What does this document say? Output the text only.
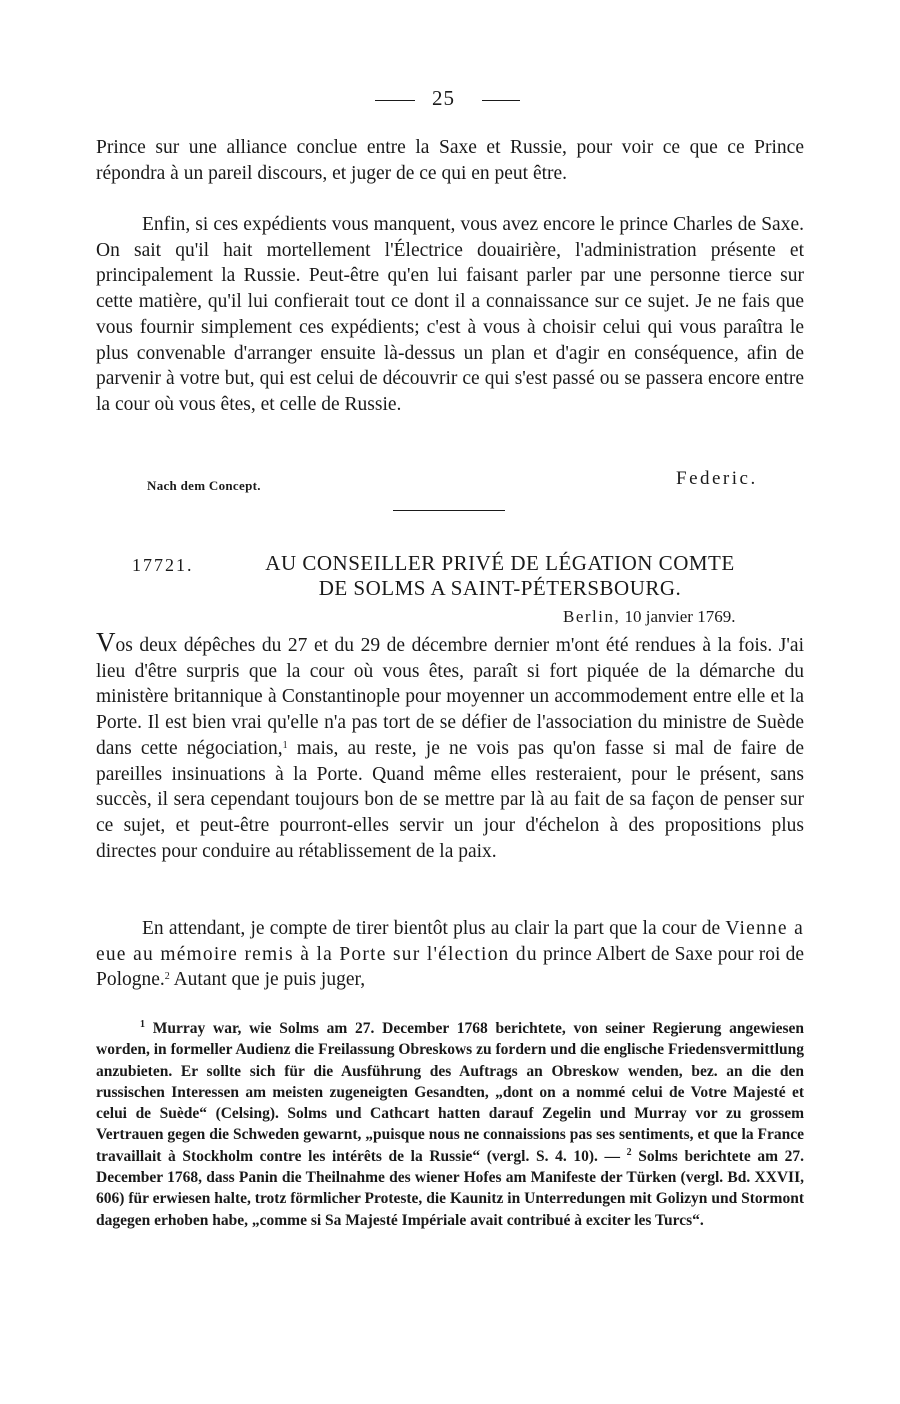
25

Prince sur une alliance conclue entre la Saxe et Russie, pour voir ce que ce Prince répondra à un pareil discours, et juger de ce qui en peut être.

Enfin, si ces expédients vous manquent, vous avez encore le prince Charles de Saxe. On sait qu'il hait mortellement l'Électrice douairière, l'administration présente et principalement la Russie. Peut-être qu'en lui faisant parler par une personne tierce sur cette matière, qu'il lui confierait tout ce dont il a connaissance sur ce sujet. Je ne fais que vous fournir simplement ces expédients; c'est à vous à choisir celui qui vous paraîtra le plus convenable d'arranger ensuite là-dessus un plan et d'agir en conséquence, afin de parvenir à votre but, qui est celui de découvrir ce qui s'est passé ou se passera encore entre la cour où vous êtes, et celle de Russie.

Nach dem Concept.	Federic.
17721.	AU CONSEILLER PRIVÉ DE LÉGATION COMTE
DE SOLMS A SAINT-PÉTERSBOURG.
Berlin, 10 janvier 1769.

Vos deux dépêches du 27 et du 29 de décembre dernier m'ont été rendues à la fois. J'ai lieu d'être surpris que la cour où vous êtes, paraît si fort piquée de la démarche du ministère britannique à Constantinople pour moyenner un accommodement entre elle et la Porte. Il est bien vrai qu'elle n'a pas tort de se défier de l'association du ministre de Suède dans cette négociation,$^1$ mais, au reste, je ne vois pas qu'on fasse si mal de faire de pareilles insinuations à la Porte. Quand même elles resteraient, pour le présent, sans succès, il sera cependant toujours bon de se mettre par là au fait de sa façon de penser sur ce sujet, et peut-être pourront-elles servir un jour d'échelon à des propositions plus directes pour conduire au rétablissement de la paix.

En attendant, je compte de tirer bientôt plus au clair la part que la cour de Vienne a eue au mémoire remis à la Porte sur l'élection du prince Albert de Saxe pour roi de Pologne.$^2$ Autant que je puis juger,

$^1$ Murray war, wie Solms am 27. December 1768 berichtete, von seiner Regierung angewiesen worden, in formeller Audienz die Freilassung Obreskows zu fordern und die englische Friedensvermittlung anzubieten. Er sollte sich für die Ausführung des Auftrags an Obreskow wenden, bez. an die den russischen Interessen am meisten zugeneigten Gesandten, „dont on a nommé celui de Votre Majesté et celui de Suède“ (Celsing). Solms und Cathcart hatten darauf Zegelin und Murray vor zu grossem Vertrauen gegen die Schweden gewarnt, „puisque nous ne connaissions pas ses sentiments, et que la France travaillait à Stockholm contre les intérêts de la Russie“ (vergl. S. 4. 10). — $^2$ Solms berichtete am 27. December 1768, dass Panin die Theilnahme des wiener Hofes am Manifeste der Türken (vergl. Bd. XXVII, 606) für erwiesen halte, trotz förmlicher Proteste, die Kaunitz in Unterredungen mit Golizyn und Stormont dagegen erhoben habe, „comme si Sa Majesté Impériale avait contribué à exciter les Turcs“.
